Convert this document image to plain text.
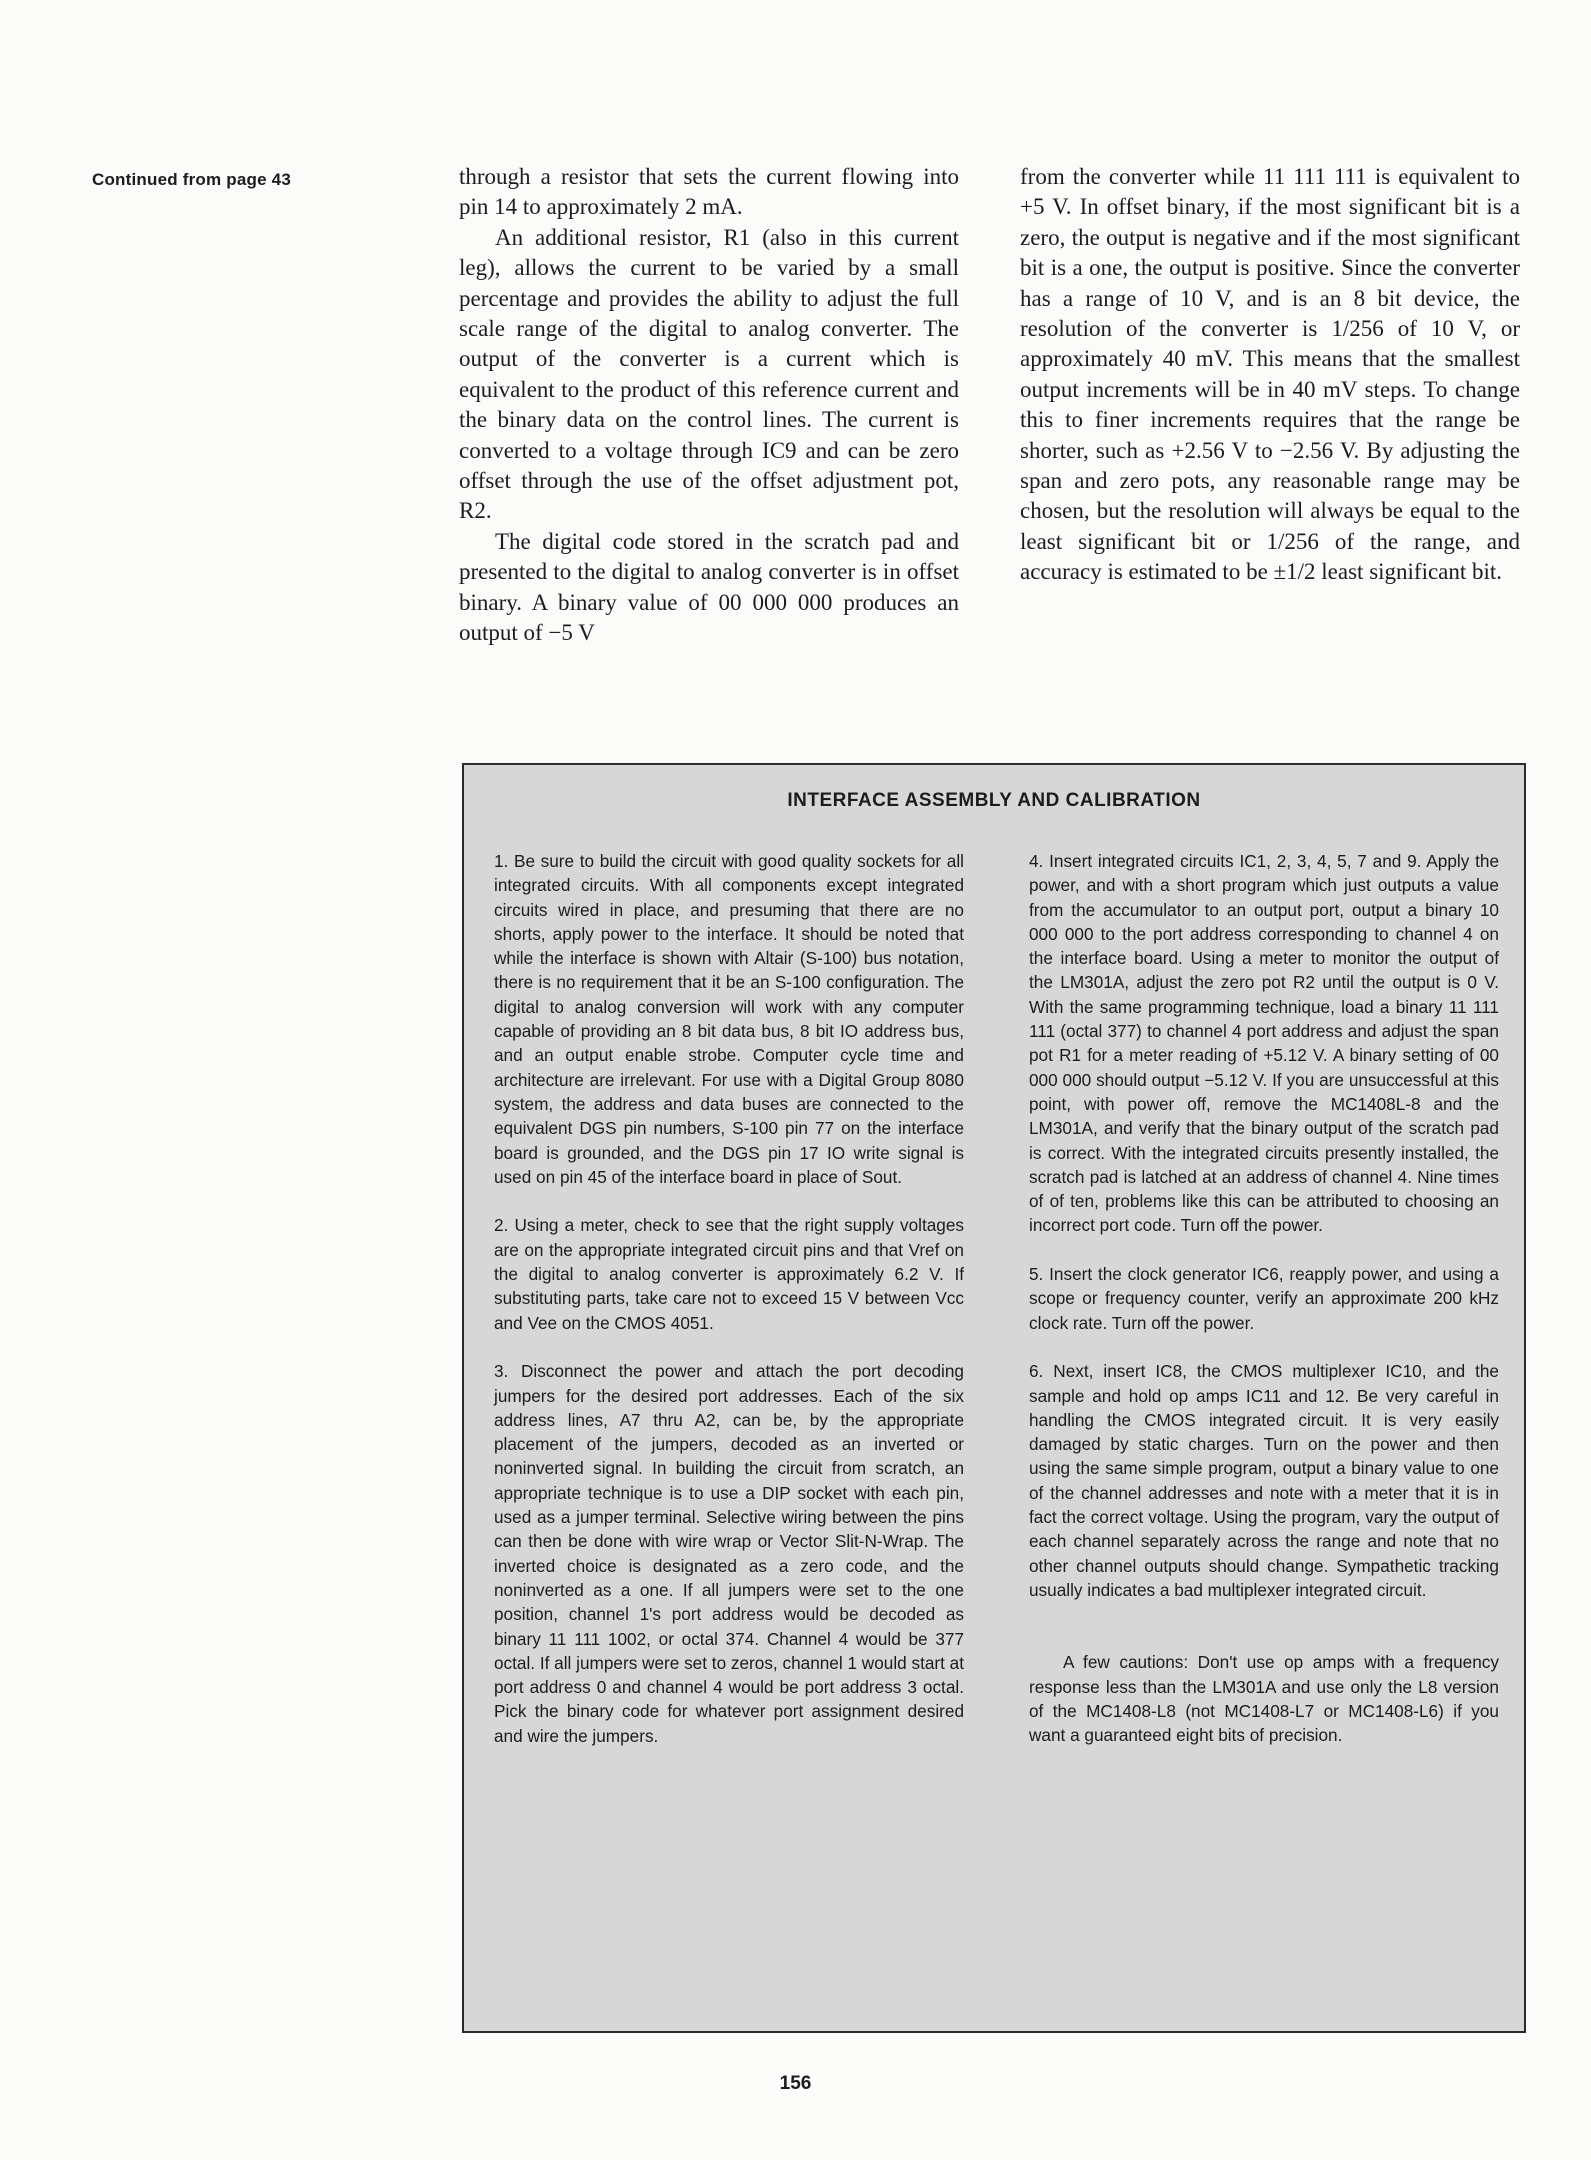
Continued from page 43	through a resistor that sets the current flowing into pin 14 to approximately 2 mA.

An additional resistor, R1 (also in this current leg), allows the current to be varied by a small percentage and provides the ability to adjust the full scale range of the digital to analog converter. The output of the converter is a current which is equivalent to the product of this reference current and the binary data on the control lines. The current is converted to a voltage through IC9 and can be zero offset through the use of the offset adjustment pot, R2.

The digital code stored in the scratch pad and presented to the digital to analog converter is in offset binary. A binary value of 00 000 000 produces an output of −5 V

from the converter while 11 111 111 is equivalent to +5 V. In offset binary, if the most significant bit is a zero, the output is negative and if the most significant bit is a one, the output is positive. Since the converter has a range of 10 V, and is an 8 bit device, the resolution of the converter is 1/256 of 10 V, or approximately 40 mV. This means that the smallest output increments will be in 40 mV steps. To change this to finer increments requires that the range be shorter, such as +2.56 V to −2.56 V. By adjusting the span and zero pots, any reasonable range may be chosen, but the resolution will always be equal to the least significant bit or 1/256 of the range, and accuracy is estimated to be ±1/2 least significant bit.

INTERFACE ASSEMBLY AND CALIBRATION

1. Be sure to build the circuit with good quality sockets for all integrated circuits. With all components except integrated circuits wired in place, and presuming that there are no shorts, apply power to the interface. It should be noted that while the interface is shown with Altair (S-100) bus notation, there is no requirement that it be an S-100 configuration. The digital to analog conversion will work with any computer capable of providing an 8 bit data bus, 8 bit IO address bus, and an output enable strobe. Computer cycle time and architecture are irrelevant. For use with a Digital Group 8080 system, the address and data buses are connected to the equivalent DGS pin numbers, S-100 pin 77 on the interface board is grounded, and the DGS pin 17 IO write signal is used on pin 45 of the interface board in place of Sout.

2. Using a meter, check to see that the right supply voltages are on the appropriate integrated circuit pins and that Vref on the digital to analog converter is approximately 6.2 V. If substituting parts, take care not to exceed 15 V between Vcc and Vee on the CMOS 4051.

3. Disconnect the power and attach the port decoding jumpers for the desired port addresses. Each of the six address lines, A7 thru A2, can be, by the appropriate placement of the jumpers, decoded as an inverted or noninverted signal. In building the circuit from scratch, an appropriate technique is to use a DIP socket with each pin, used as a jumper terminal. Selective wiring between the pins can then be done with wire wrap or Vector Slit-N-Wrap. The inverted choice is designated as a zero code, and the noninverted as a one. If all jumpers were set to the one position, channel 1's port address would be decoded as binary 11 111 1002, or octal 374. Channel 4 would be 377 octal. If all jumpers were set to zeros, channel 1 would start at port address 0 and channel 4 would be port address 3 octal. Pick the binary code for whatever port assignment desired and wire the jumpers.

4. Insert integrated circuits IC1, 2, 3, 4, 5, 7 and 9. Apply the power, and with a short program which just outputs a value from the accumulator to an output port, output a binary 10 000 000 to the port address corresponding to channel 4 on the interface board. Using a meter to monitor the output of the LM301A, adjust the zero pot R2 until the output is 0 V. With the same programming technique, load a binary 11 111 111 (octal 377) to channel 4 port address and adjust the span pot R1 for a meter reading of +5.12 V. A binary setting of 00 000 000 should output −5.12 V. If you are unsuccessful at this point, with power off, remove the MC1408L-8 and the LM301A, and verify that the binary output of the scratch pad is correct. With the integrated circuits presently installed, the scratch pad is latched at an address of channel 4. Nine times of of ten, problems like this can be attributed to choosing an incorrect port code. Turn off the power.

5. Insert the clock generator IC6, reapply power, and using a scope or frequency counter, verify an approximate 200 kHz clock rate. Turn off the power.

6. Next, insert IC8, the CMOS multiplexer IC10, and the sample and hold op amps IC11 and 12. Be very careful in handling the CMOS integrated circuit. It is very easily damaged by static charges. Turn on the power and then using the same simple program, output a binary value to one of the channel addresses and note with a meter that it is in fact the correct voltage. Using the program, vary the output of each channel separately across the range and note that no other channel outputs should change. Sympathetic tracking usually indicates a bad multiplexer integrated circuit.

A few cautions: Don't use op amps with a frequency response less than the LM301A and use only the L8 version of the MC1408-L8 (not MC1408-L7 or MC1408-L6) if you want a guaranteed eight bits of precision.

156
